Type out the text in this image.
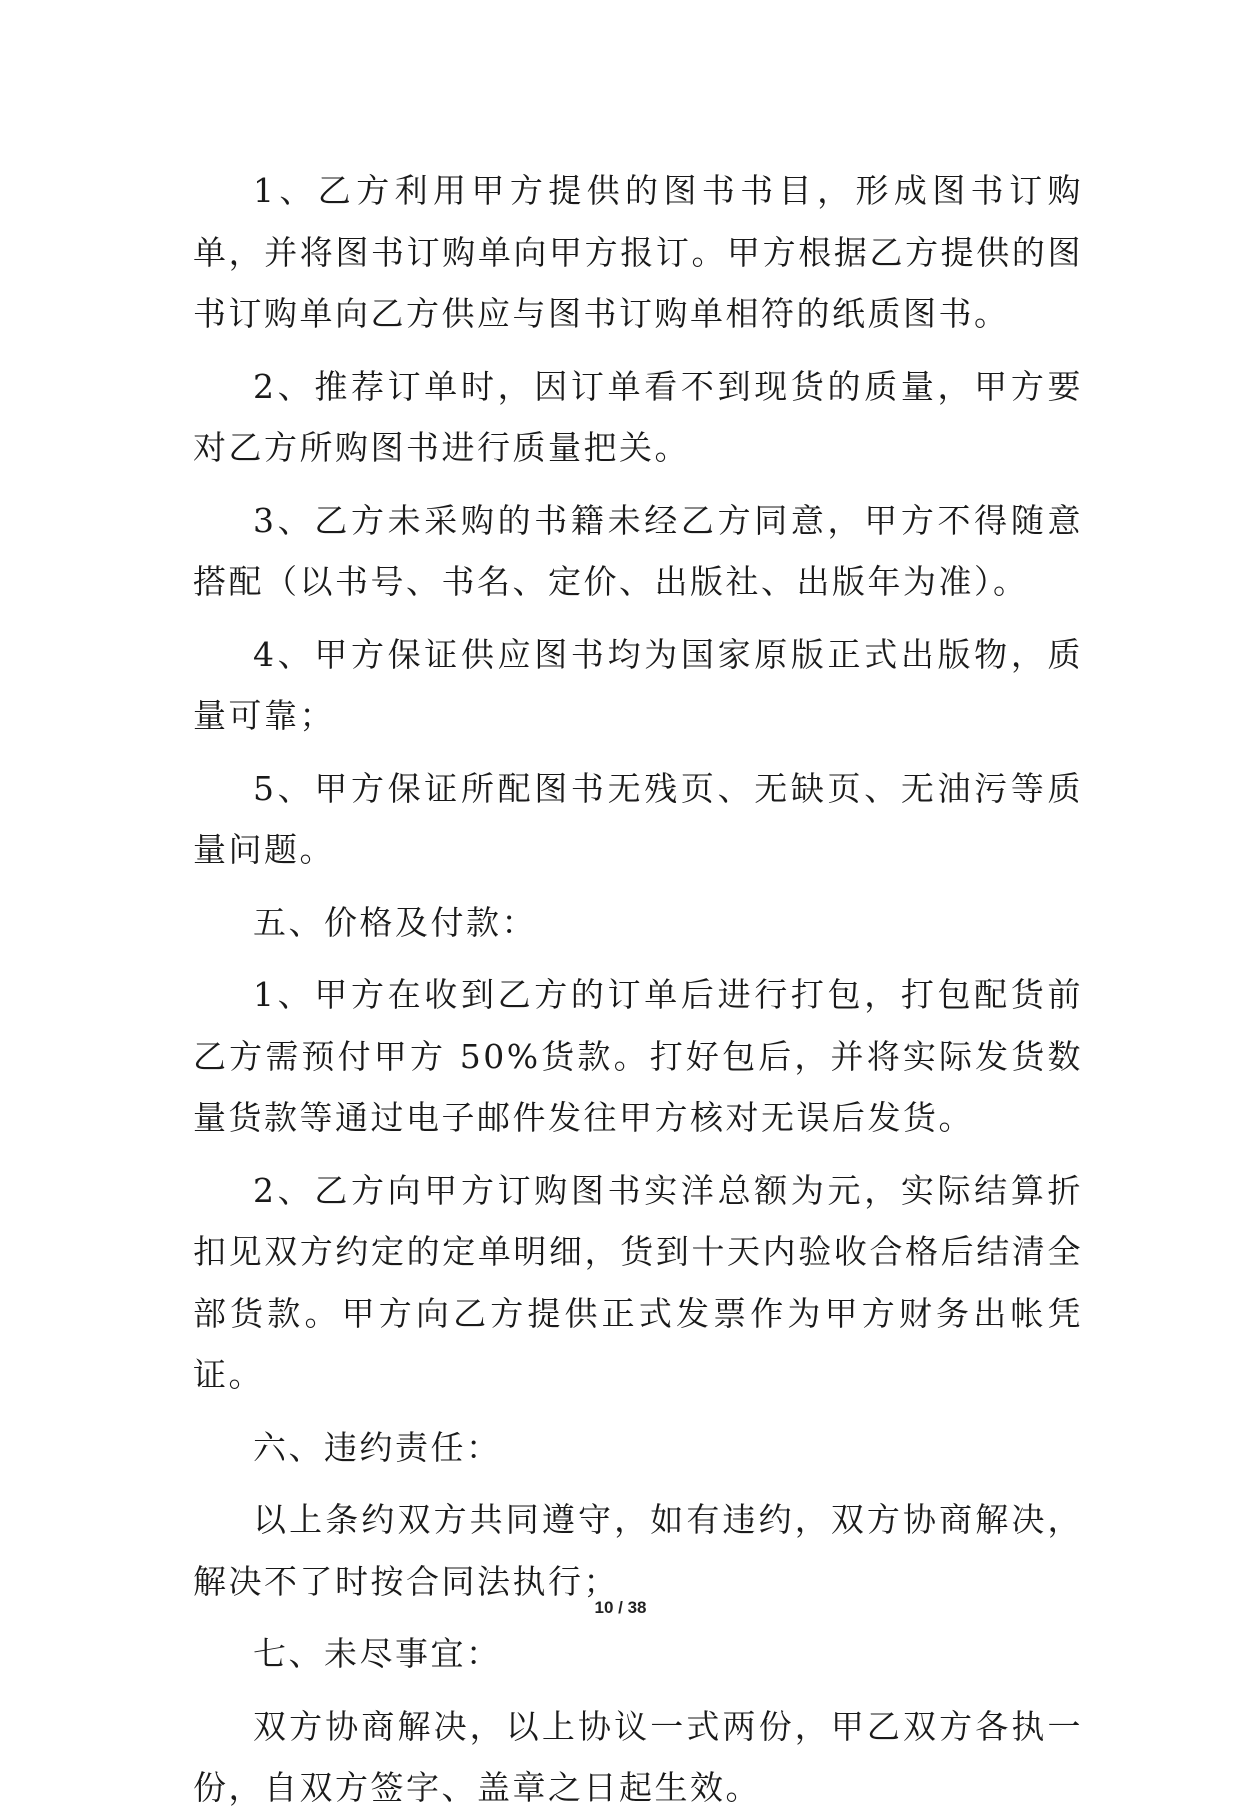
1、乙方利用甲方提供的图书书目，形成图书订购单，并将图书订购单向甲方报订。甲方根据乙方提供的图书订购单向乙方供应与图书订购单相符的纸质图书。

2、推荐订单时，因订单看不到现货的质量，甲方要对乙方所购图书进行质量把关。

3、乙方未采购的书籍未经乙方同意，甲方不得随意搭配（以书号、书名、定价、出版社、出版年为准）。

4、甲方保证供应图书均为国家原版正式出版物，质量可靠；

5、甲方保证所配图书无残页、无缺页、无油污等质量问题。

五、价格及付款：

1、甲方在收到乙方的订单后进行打包，打包配货前乙方需预付甲方 50%货款。打好包后，并将实际发货数量货款等通过电子邮件发往甲方核对无误后发货。

2、乙方向甲方订购图书实洋总额为元，实际结算折扣见双方约定的定单明细，货到十天内验收合格后结清全部货款。甲方向乙方提供正式发票作为甲方财务出帐凭证。

六、违约责任：

以上条约双方共同遵守，如有违约，双方协商解决，解决不了时按合同法执行；

七、未尽事宜：

双方协商解决，以上协议一式两份，甲乙双方各执一份，自双方签字、盖章之日起生效。

10 / 38
